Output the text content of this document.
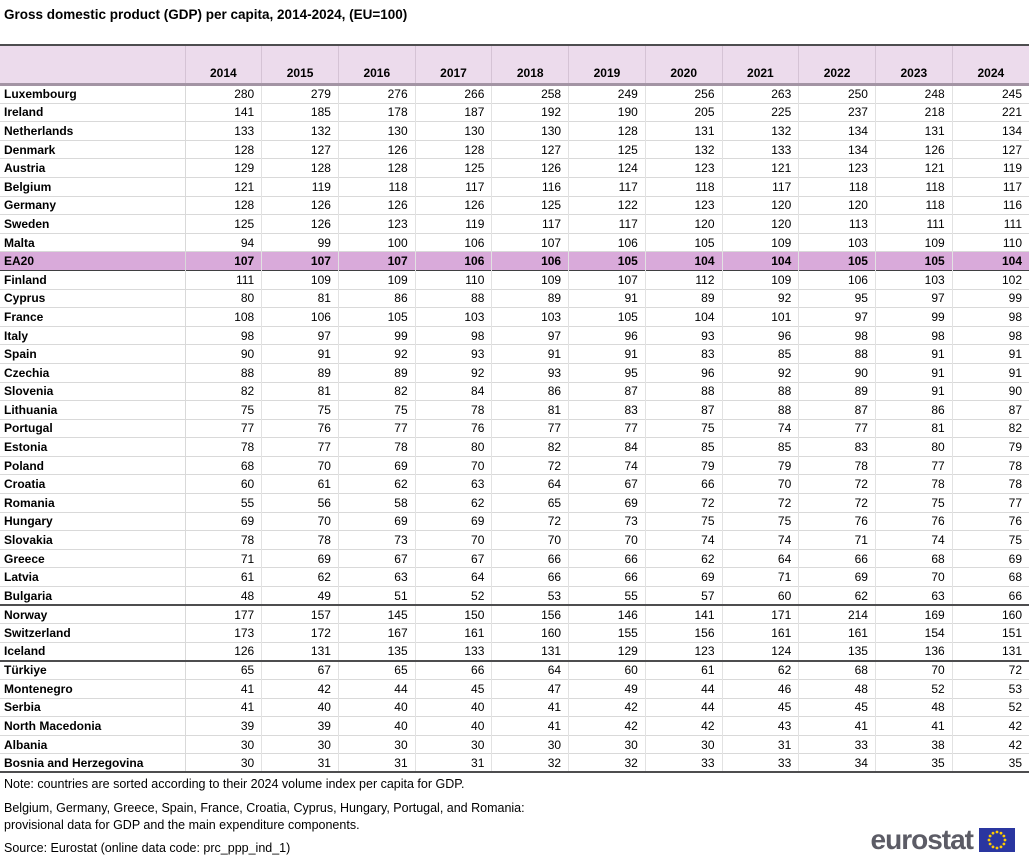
Gross domestic product (GDP) per capita, 2014-2024, (EU=100)
	2014	2015	2016	2017	2018	2019	2020	2021	2022	2023	2024
Luxembourg	280	279	276	266	258	249	256	263	250	248	245
Ireland	141	185	178	187	192	190	205	225	237	218	221
Netherlands	133	132	130	130	130	128	131	132	134	131	134
Denmark	128	127	126	128	127	125	132	133	134	126	127
Austria	129	128	128	125	126	124	123	121	123	121	119
Belgium	121	119	118	117	116	117	118	117	118	118	117
Germany	128	126	126	126	125	122	123	120	120	118	116
Sweden	125	126	123	119	117	117	120	120	113	111	111
Malta	94	99	100	106	107	106	105	109	103	109	110
EA20	107	107	107	106	106	105	104	104	105	105	104
Finland	111	109	109	110	109	107	112	109	106	103	102
Cyprus	80	81	86	88	89	91	89	92	95	97	99
France	108	106	105	103	103	105	104	101	97	99	98
Italy	98	97	99	98	97	96	93	96	98	98	98
Spain	90	91	92	93	91	91	83	85	88	91	91
Czechia	88	89	89	92	93	95	96	92	90	91	91
Slovenia	82	81	82	84	86	87	88	88	89	91	90
Lithuania	75	75	75	78	81	83	87	88	87	86	87
Portugal	77	76	77	76	77	77	75	74	77	81	82
Estonia	78	77	78	80	82	84	85	85	83	80	79
Poland	68	70	69	70	72	74	79	79	78	77	78
Croatia	60	61	62	63	64	67	66	70	72	78	78
Romania	55	56	58	62	65	69	72	72	72	75	77
Hungary	69	70	69	69	72	73	75	75	76	76	76
Slovakia	78	78	73	70	70	70	74	74	71	74	75
Greece	71	69	67	67	66	66	62	64	66	68	69
Latvia	61	62	63	64	66	66	69	71	69	70	68
Bulgaria	48	49	51	52	53	55	57	60	62	63	66
Norway	177	157	145	150	156	146	141	171	214	169	160
Switzerland	173	172	167	161	160	155	156	161	161	154	151
Iceland	126	131	135	133	131	129	123	124	135	136	131
Türkiye	65	67	65	66	64	60	61	62	68	70	72
Montenegro	41	42	44	45	47	49	44	46	48	52	53
Serbia	41	40	40	40	41	42	44	45	45	48	52
North Macedonia	39	39	40	40	41	42	42	43	41	41	42
Albania	30	30	30	30	30	30	30	31	33	38	42
Bosnia and Herzegovina	30	31	31	31	32	32	33	33	34	35	35

Note: countries are sorted according to their 2024 volume index per capita for GDP.

Belgium, Germany, Greece, Spain, France, Croatia, Cyprus, Hungary, Portugal, and Romania:

provisional data for GDP and the main expenditure components.

Source: Eurostat (online data code: prc_ppp_ind_1)	eurostat
